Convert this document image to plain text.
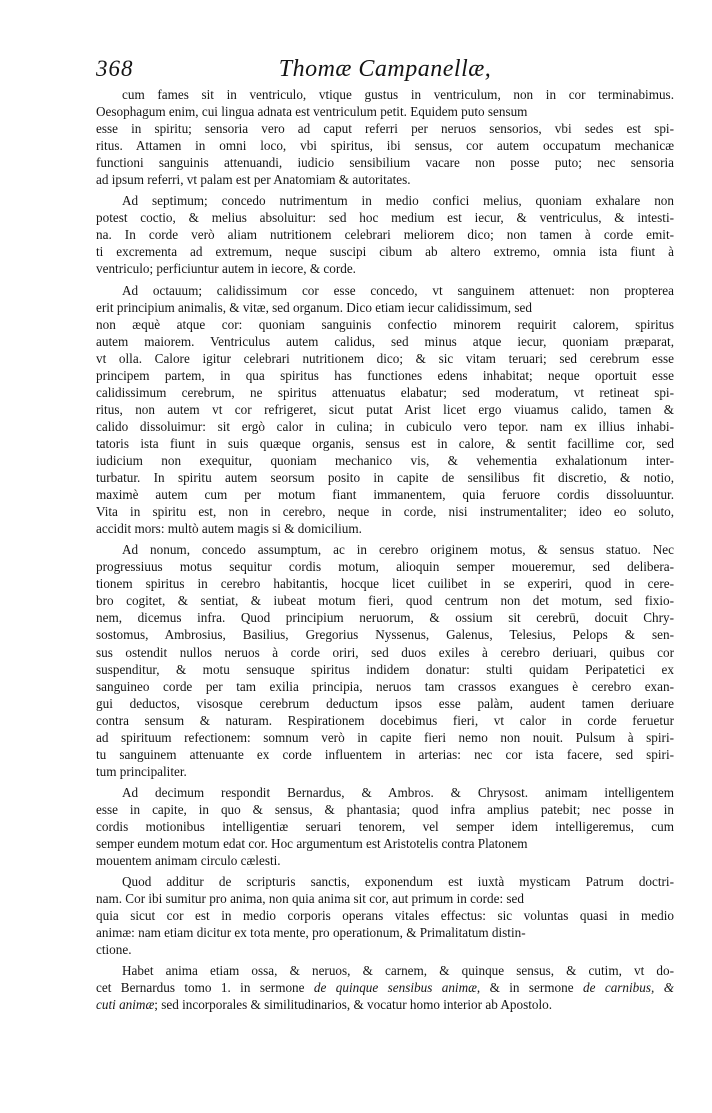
368	Thomæ Campanellæ,
cum fames sit in ventriculo, vtique gustus in ventriculum, non in cor terminabimus.
Oesophagum enim, cui lingua adnata est ventriculum petit. Equidem puto sensum
esse in spiritu; sensoria vero ad caput referri per neruos sensorios, vbi sedes est spi-
ritus. Attamen in omni loco, vbi spiritus, ibi sensus, cor autem occupatum mechanicæ
functioni sanguinis attenuandi, iudicio sensibilium vacare non posse puto; nec sensoria
ad ipsum referri, vt palam est per Anatomiam & autoritates.
Ad septimum; concedo nutrimentum in medio confici melius, quoniam exhalare non
potest coctio, & melius absoluitur: sed hoc medium est iecur, & ventriculus, & intesti-
na. In corde verò aliam nutritionem celebrari meliorem dico; non tamen à corde emit-
ti excrementa ad extremum, neque suscipi cibum ab altero extremo, omnia ista fiunt à
ventriculo; perficiuntur autem in iecore, & corde.
Ad octauum; calidissimum cor esse concedo, vt sanguinem attenuet: non propterea
erit principium animalis, & vitæ, sed organum. Dico etiam iecur calidissimum, sed
non æquè atque cor: quoniam sanguinis confectio minorem requirit calorem, spiritus
autem maiorem. Ventriculus autem calidus, sed minus atque iecur, quoniam præparat,
vt olla. Calore igitur celebrari nutritionem dico; & sic vitam teruari; sed cerebrum esse
principem partem, in qua spiritus has functiones edens inhabitat; neque oportuit esse
calidissimum cerebrum, ne spiritus attenuatus elabatur; sed moderatum, vt retineat spi-
ritus, non autem vt cor refrigeret, sicut putat Arist licet ergo viuamus calido, tamen &
calido dissoluimur: sit ergò calor in culina; in cubiculo vero tepor. nam ex illius inhabi-
tatoris ista fiunt in suis quæque organis, sensus est in calore, & sentit facillime cor, sed
iudicium non exequitur, quoniam mechanico vis, & vehementia exhalationum inter-
turbatur. In spiritu autem seorsum posito in capite de sensilibus fit discretio, & notio,
maximè autem cum per motum fiant immanentem, quia feruore cordis dissoluuntur.
Vita in spiritu est, non in cerebro, neque in corde, nisi instrumentaliter; ideo eo soluto,
accidit mors: multò autem magis si & domicilium.
Ad nonum, concedo assumptum, ac in cerebro originem motus, & sensus statuo. Nec
progressiuus motus sequitur cordis motum, alioquin semper moueremur, sed delibera-
tionem spiritus in cerebro habitantis, hocque licet cuilibet in se experiri, quod in cere-
bro cogitet, & sentiat, & iubeat motum fieri, quod centrum non det motum, sed fixio-
nem, dicemus infra. Quod principium neruorum, & ossium sit cerebrū, docuit Chry-
sostomus, Ambrosius, Basilius, Gregorius Nyssenus, Galenus, Telesius, Pelops & sen-
sus ostendit nullos neruos à corde oriri, sed duos exiles à cerebro deriuari, quibus cor
suspenditur, & motu sensuque spiritus indidem donatur: stulti quidam Peripatetici ex
sanguineo corde per tam exilia principia, neruos tam crassos exangues è cerebro exan-
gui deductos, visosque cerebrum deductum ipsos esse palàm, audent tamen deriuare
contra sensum & naturam. Respirationem docebimus fieri, vt calor in corde feruetur
ad spirituum refectionem: somnum verò in capite fieri nemo non nouit. Pulsum à spiri-
tu sanguinem attenuante ex corde influentem in arterias: nec cor ista facere, sed spiri-
tum principaliter.
Ad decimum respondit Bernardus, & Ambros. & Chrysost. animam intelligentem
esse in capite, in quo & sensus, & phantasia; quod infra amplius patebit; nec posse in
cordis motionibus intelligentiæ seruari tenorem, vel semper idem intelligeremus, cum
semper eundem motum edat cor. Hoc argumentum est Aristotelis contra Platonem
mouentem animam circulo cælesti.
Quod additur de scripturis sanctis, exponendum est iuxtà mysticam Patrum doctri-
nam. Cor ibi sumitur pro anima, non quia anima sit cor, aut primum in corde: sed
quia sicut cor est in medio corporis operans vitales effectus: sic voluntas quasi in medio
animæ: nam etiam dicitur ex tota mente, pro operationum, & Primalitatum distin-
ctione.
Habet anima etiam ossa, & neruos, & carnem, & quinque sensus, & cutim, vt do-
cet Bernardus tomo 1. in sermone de quinque sensibus animæ, & in sermone de carnibus, &
cuti animæ; sed incorporales & similitudinarios, & vocatur homo interior ab Apostolo.
